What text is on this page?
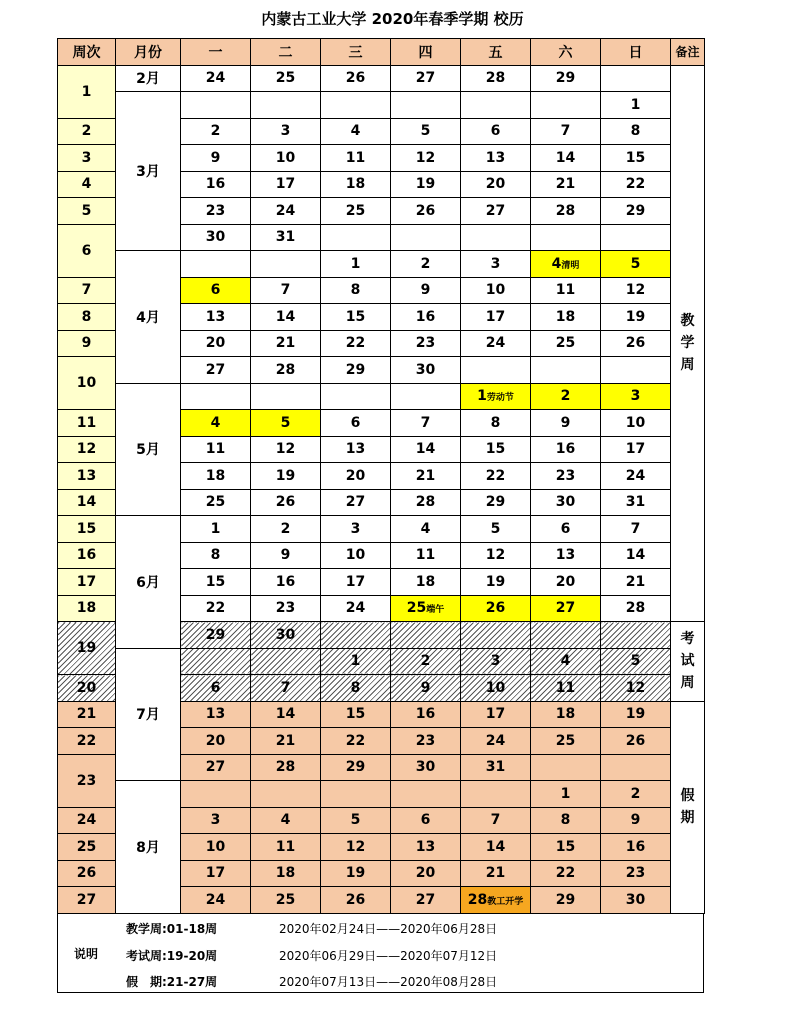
内蒙古工业大学 2020年春季学期 校历
周次	月份	一	二	三	四	五	六	日	备注
1	2月	24	25	26	27	28	29		教
学
周

	3月							1	
2		2	3	4	5	6	7	8	
3		9	10	11	12	13	14	15	
4		16	17	18	19	20	21	22	
5		23	24	25	26	27	28	29	
6		30	31						
	4月			1	2	3	4清明	5	
7		6	7	8	9	10	11	12	
8		13	14	15	16	17	18	19	
9		20	21	22	23	24	25	26	
10		27	28	29	30				
	5月					1劳动节	2	3	
11		4	5	6	7	8	9	10	
12		11	12	13	14	15	16	17	
13		18	19	20	21	22	23	24	
14		25	26	27	28	29	30	31	
15	6月	1	2	3	4	5	6	7	
16		8	9	10	11	12	13	14	
17		15	16	17	18	19	20	21	
18		22	23	24	25端午	26	27	28	
19		29	30						考
试
周

	7月			1	2	3	4	5	
20		6	7	8	9	10	11	12	
21		13	14	15	16	17	18	19	假
期

22		20	21	22	23	24	25	26	
23		27	28	29	30	31			
	8月						1	2	
24		3	4	5	6	7	8	9	
25		10	11	12	13	14	15	16	
26		17	18	19	20	21	22	23	
27		24	25	26	27	28教工开学	29	30	
说明
教学周:01-18周	2020年02月24日——2020年06月28日
考试周:19-20周	2020年06月29日——2020年07月12日
假　期:21-27周	2020年07月13日——2020年08月28日
